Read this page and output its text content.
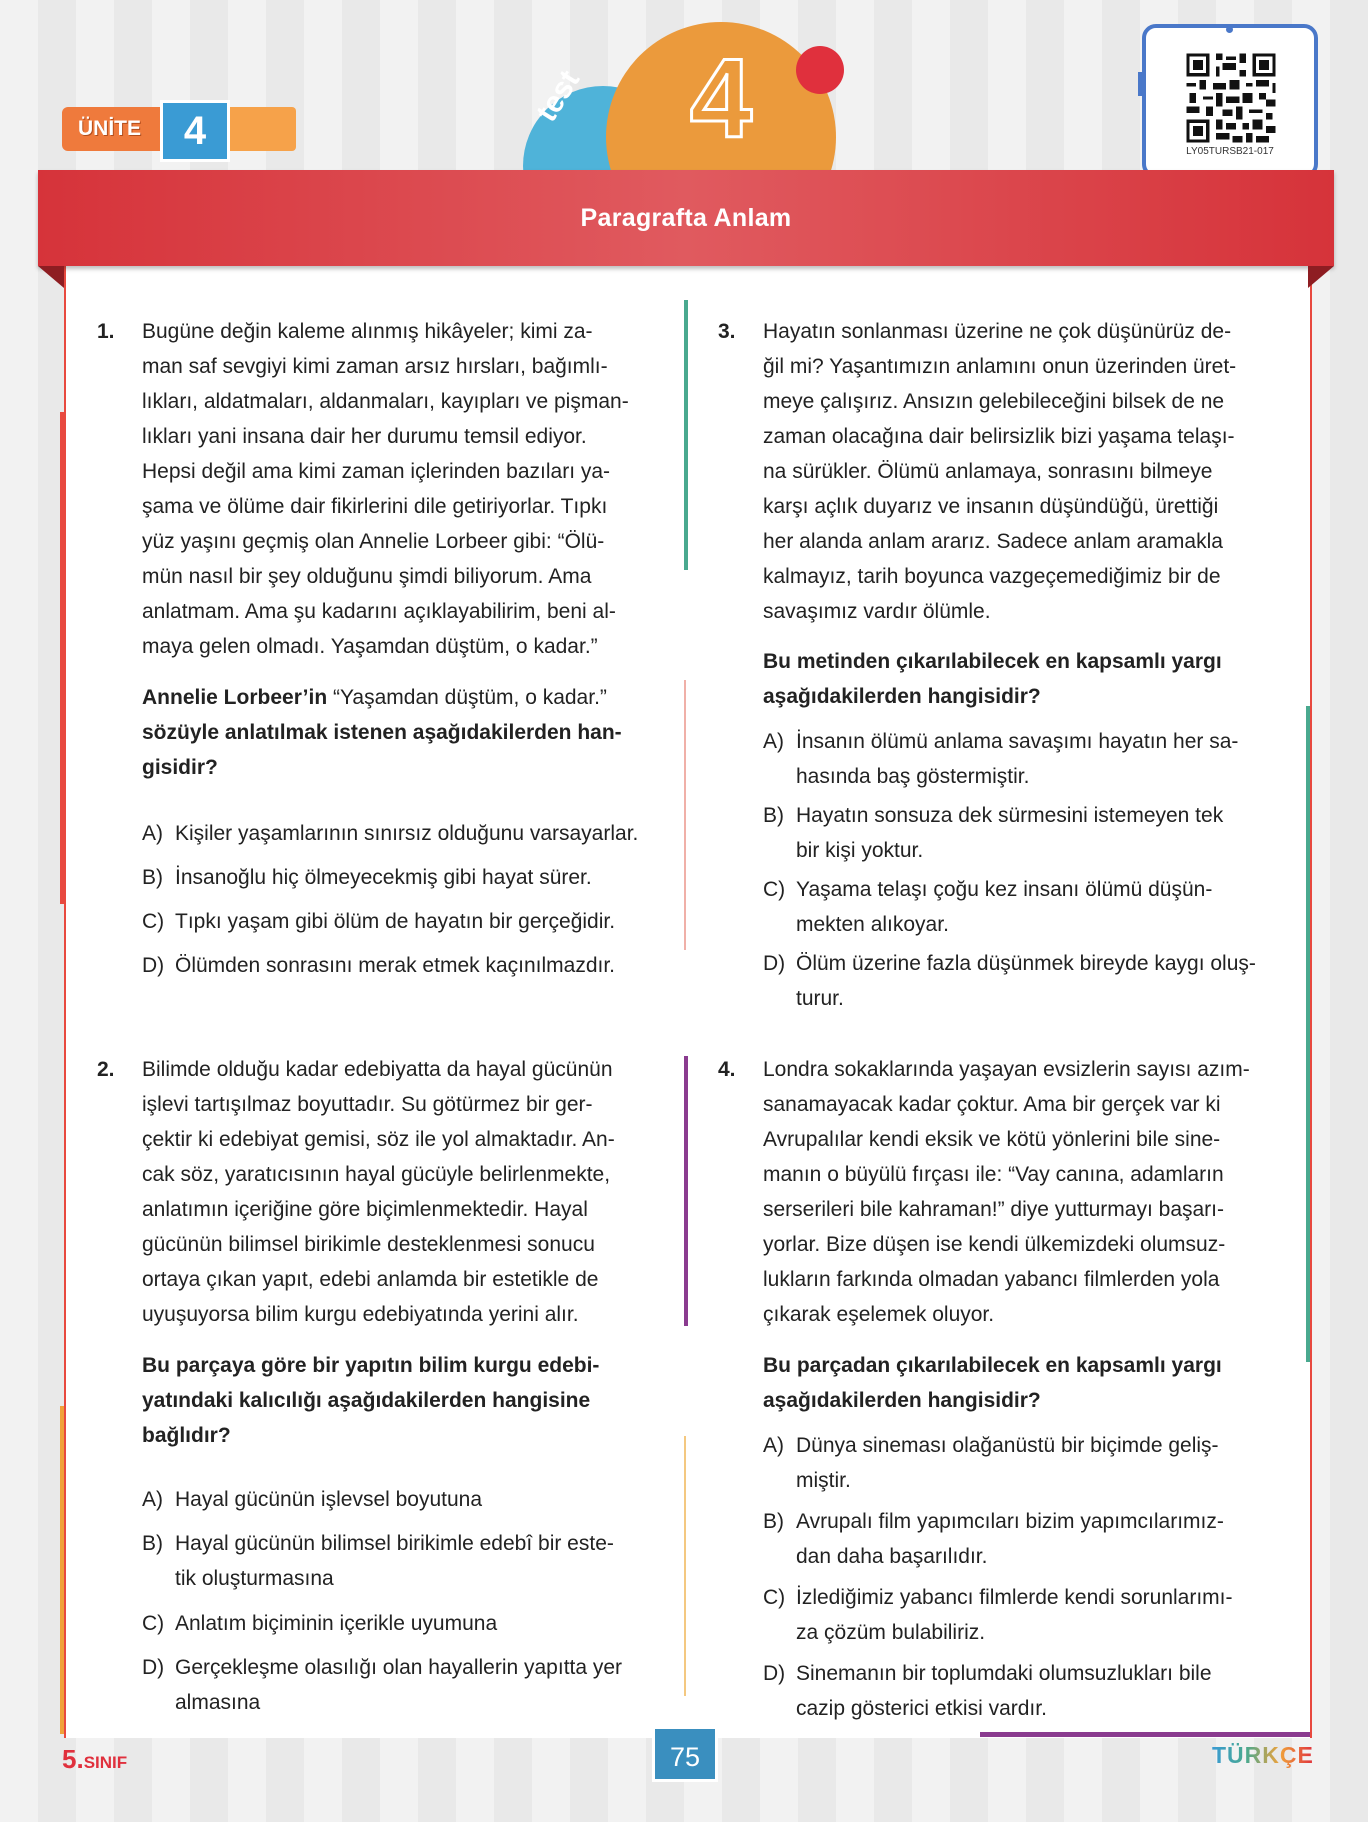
ÜNİTE	4
test 4	LY05TURSB21-017
Paragrafta Anlam
1. Bugüne değin kaleme alınmış hikâyeler; kimi za-
man saf sevgiyi kimi zaman arsız hırsları, bağımlı-
lıkları, aldatmaları, aldanmaları, kayıpları ve pişman-
lıkları yani insana dair her durumu temsil ediyor.
Hepsi değil ama kimi zaman içlerinden bazıları ya-
şama ve ölüme dair fikirlerini dile getiriyorlar. Tıpkı
yüz yaşını geçmiş olan Annelie Lorbeer gibi: “Ölü-
mün nasıl bir şey olduğunu şimdi biliyorum. Ama
anlatmam. Ama şu kadarını açıklayabilirim, beni al-
maya gelen olmadı. Yaşamdan düştüm, o kadar.”
Annelie Lorbeer’in “Yaşamdan düştüm, o kadar.”
sözüyle anlatılmak istenen aşağıdakilerden han-
gisidir?
A) Kişiler yaşamlarının sınırsız olduğunu varsayarlar.
B) İnsanoğlu hiç ölmeyecekmiş gibi hayat sürer.
C) Tıpkı yaşam gibi ölüm de hayatın bir gerçeğidir.
D) Ölümden sonrasını merak etmek kaçınılmazdır.
2. Bilimde olduğu kadar edebiyatta da hayal gücünün
işlevi tartışılmaz boyuttadır. Su götürmez bir ger-
çektir ki edebiyat gemisi, söz ile yol almaktadır. An-
cak söz, yaratıcısının hayal gücüyle belirlenmekte,
anlatımın içeriğine göre biçimlenmektedir. Hayal
gücünün bilimsel birikimle desteklenmesi sonucu
ortaya çıkan yapıt, edebi anlamda bir estetikle de
uyuşuyorsa bilim kurgu edebiyatında yerini alır.
Bu parçaya göre bir yapıtın bilim kurgu edebi-
yatındaki kalıcılığı aşağıdakilerden hangisine
bağlıdır?
A) Hayal gücünün işlevsel boyutuna
B) Hayal gücünün bilimsel birikimle edebî bir este-
tik oluşturmasına
C) Anlatım biçiminin içerikle uyumuna
D) Gerçekleşme olasılığı olan hayallerin yapıtta yer
almasına
3. Hayatın sonlanması üzerine ne çok düşünürüz de-
ğil mi? Yaşantımızın anlamını onun üzerinden üret-
meye çalışırız. Ansızın gelebileceğini bilsek de ne
zaman olacağına dair belirsizlik bizi yaşama telaşı-
na sürükler. Ölümü anlamaya, sonrasını bilmeye
karşı açlık duyarız ve insanın düşündüğü, ürettiği
her alanda anlam ararız. Sadece anlam aramakla
kalmayız, tarih boyunca vazgeçemediğimiz bir de
savaşımız vardır ölümle.
Bu metinden çıkarılabilecek en kapsamlı yargı
aşağıdakilerden hangisidir?
A) İnsanın ölümü anlama savaşımı hayatın her sa-
hasında baş göstermiştir.
B) Hayatın sonsuza dek sürmesini istemeyen tek
bir kişi yoktur.
C) Yaşama telaşı çoğu kez insanı ölümü düşün-
mekten alıkoyar.
D) Ölüm üzerine fazla düşünmek bireyde kaygı oluş-
turur.
4. Londra sokaklarında yaşayan evsizlerin sayısı azım-
sanamayacak kadar çoktur. Ama bir gerçek var ki
Avrupalılar kendi eksik ve kötü yönlerini bile sine-
manın o büyülü fırçası ile: “Vay canına, adamların
serserileri bile kahraman!” diye yutturmayı başarı-
yorlar. Bize düşen ise kendi ülkemizdeki olumsuz-
lukların farkında olmadan yabancı filmlerden yola
çıkarak eşelemek oluyor.
Bu parçadan çıkarılabilecek en kapsamlı yargı
aşağıdakilerden hangisidir?
A) Dünya sineması olağanüstü bir biçimde geliş-
miştir.
B) Avrupalı film yapımcıları bizim yapımcılarımız-
dan daha başarılıdır.
C) İzlediğimiz yabancı filmlerde kendi sorunlarımı-
za çözüm bulabiliriz.
D) Sinemanın bir toplumdaki olumsuzlukları bile
cazip gösterici etkisi vardır.
5.SINIF	75	TÜRKÇE
